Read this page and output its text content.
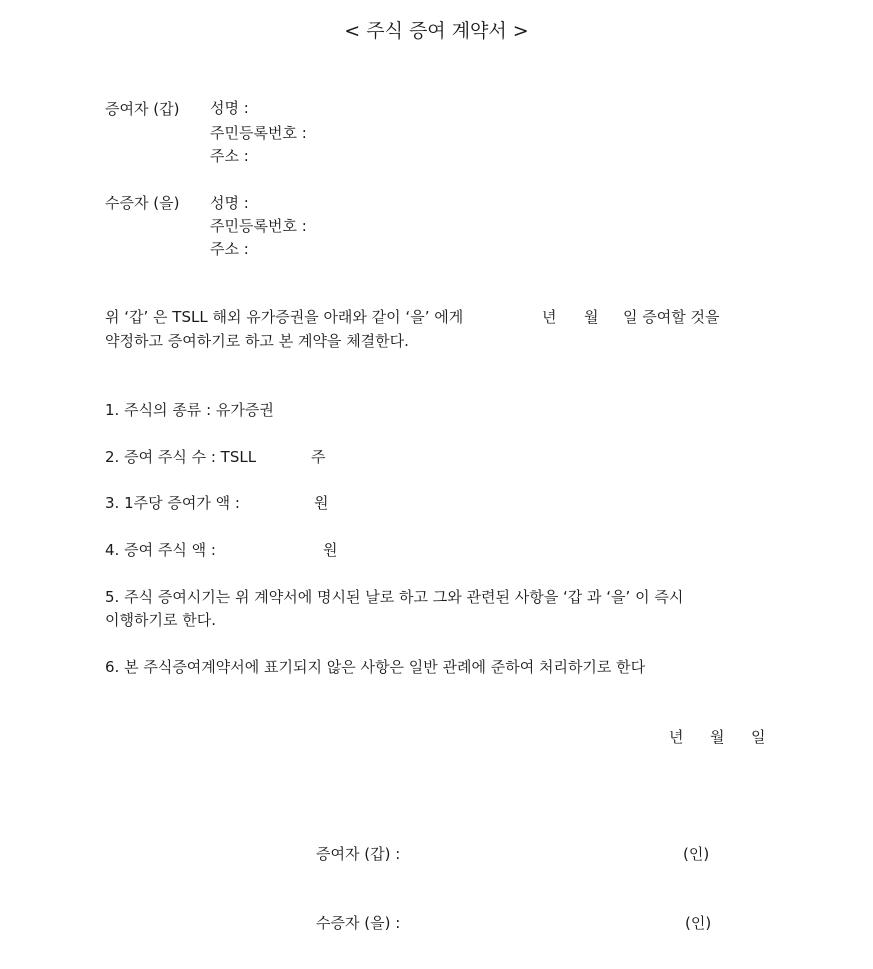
< 주식 증여 계약서 >
증여자 (갑) 성명 :
주민등록번호 :
주소 :
수증자 (을) 성명 :
주민등록번호 :
주소 :
위 ‘갑’ 은 TSLL 해외 유가증권을 아래와 같이 ‘을’ 에게	년 월 일 증여할 것을
약정하고 증여하기로 하고 본 계약을 체결한다.
1. 주식의 종류 : 유가증권
2. 증여 주식 수 : TSLL	주
3. 1주당 증여가 액 :	원
4. 증여 주식 액 :	원
5. 주식 증여시기는 위 계약서에 명시된 날로 하고 그와 관련된 사항을 ‘갑 과 ‘을’ 이 즉시
이행하기로 한다.
6. 본 주식증여계약서에 표기되지 않은 사항은 일반 관례에 준하여 처리하기로 한다
년 월 일
증여자 (갑) :	(인)
수증자 (을) :	(인)
